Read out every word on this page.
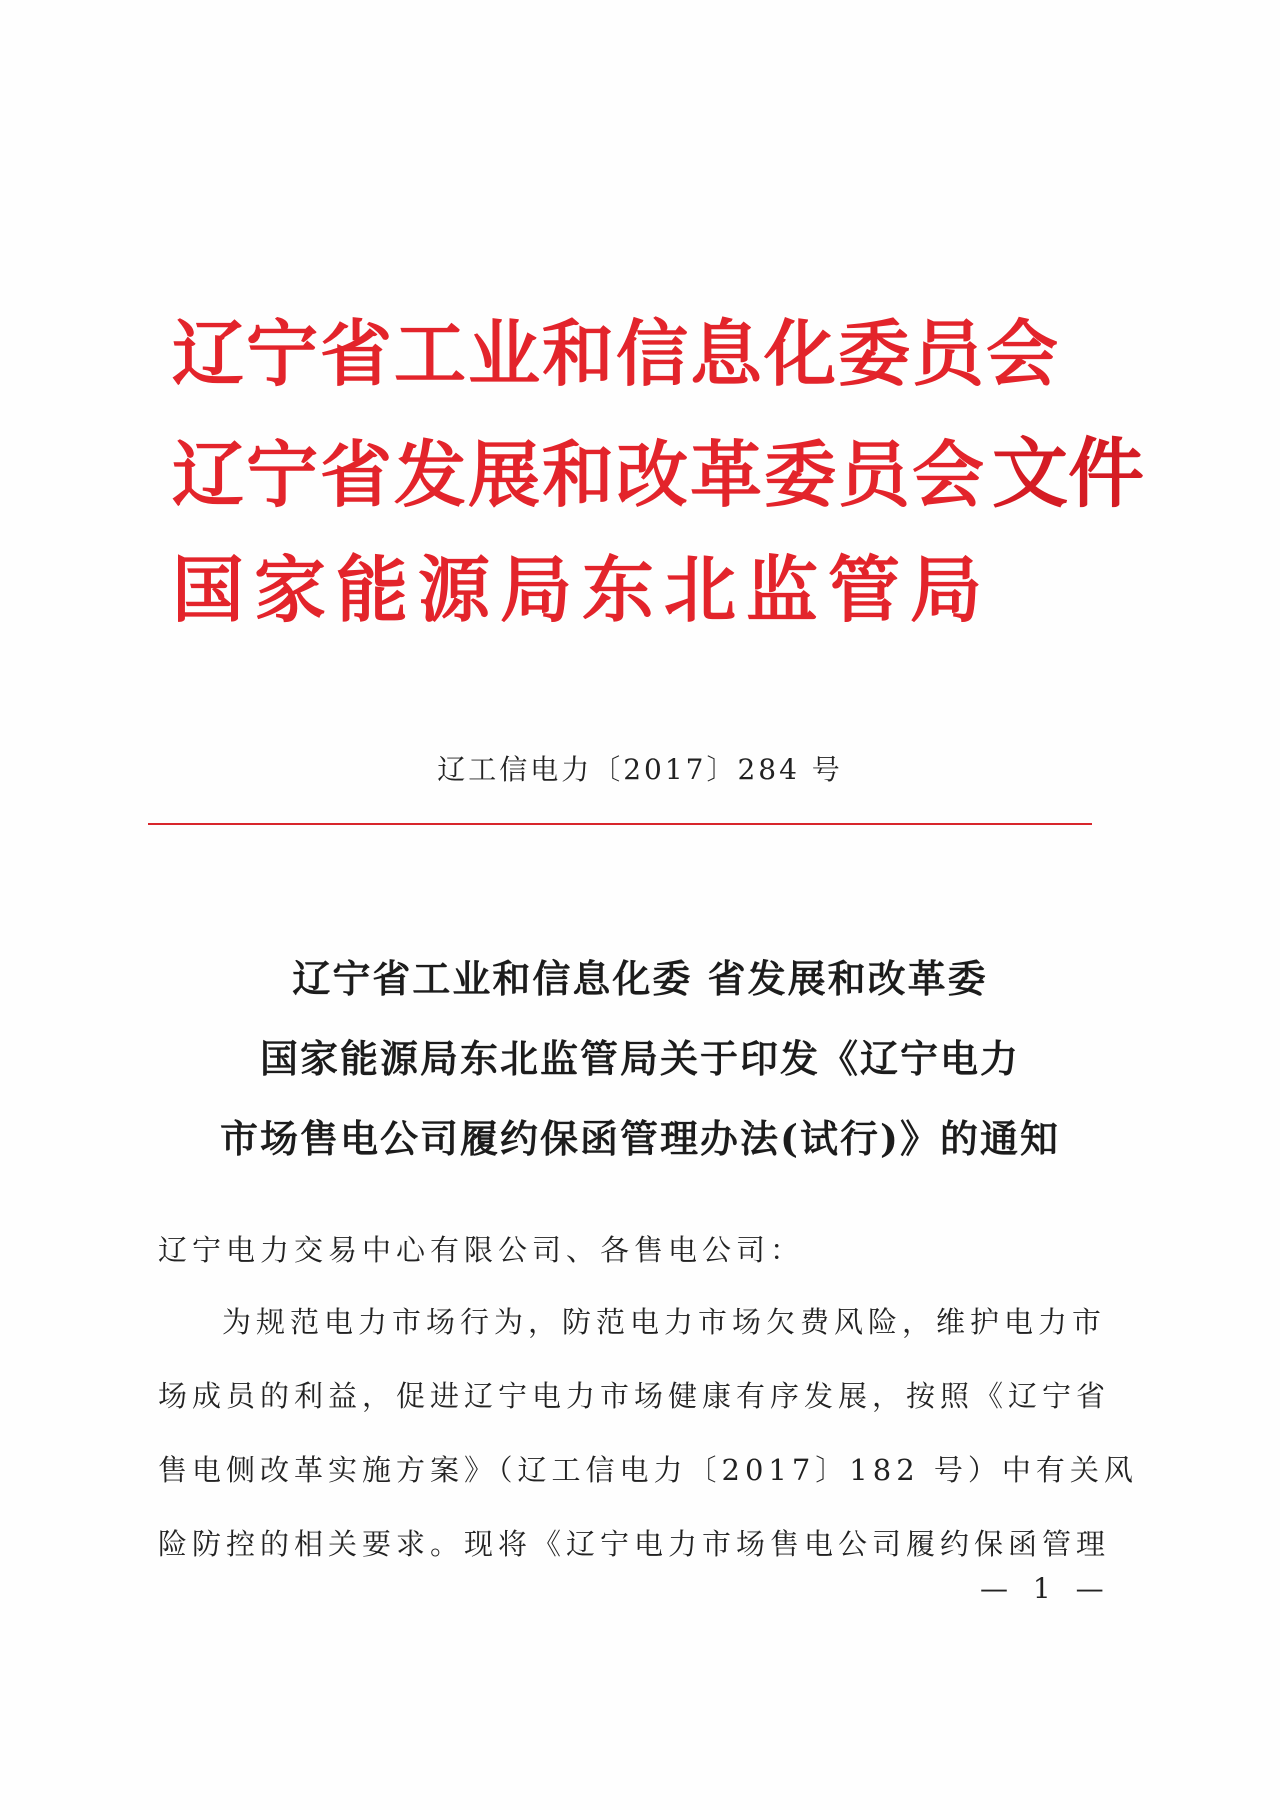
辽宁省工业和信息化委员会
辽宁省发展和改革委员会文件
国家能源局东北监管局
辽工信电力〔2017〕284 号
辽宁省工业和信息化委 省发展和改革委
国家能源局东北监管局关于印发《辽宁电力
市场售电公司履约保函管理办法(试行)》的通知
辽宁电力交易中心有限公司、各售电公司：
为规范电力市场行为，防范电力市场欠费风险，维护电力市
场成员的利益，促进辽宁电力市场健康有序发展，按照《辽宁省
售电侧改革实施方案》（辽工信电力〔2017〕182 号）中有关风
险防控的相关要求。现将《辽宁电力市场售电公司履约保函管理
— 1 —
